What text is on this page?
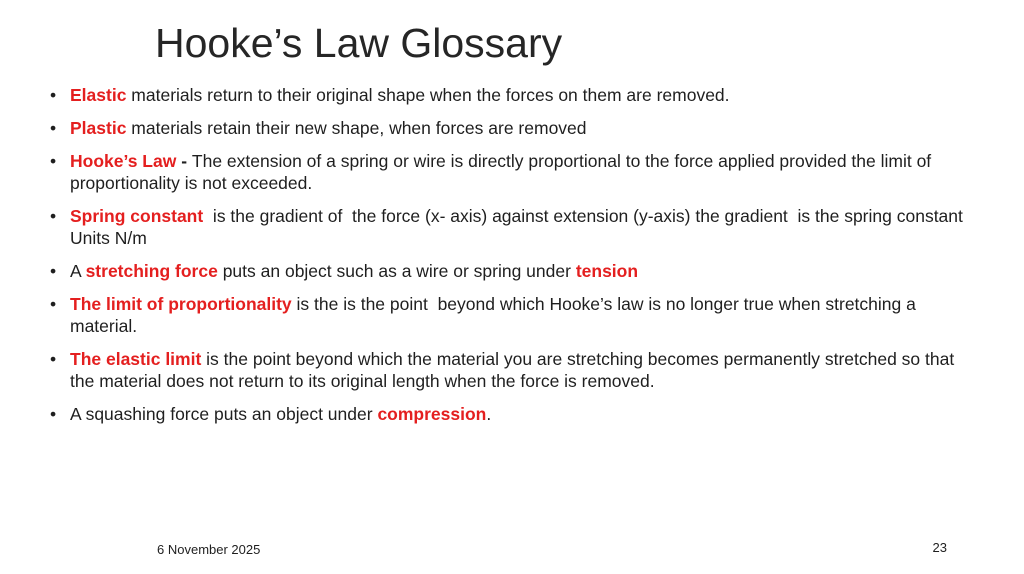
Hooke’s Law Glossary
• Elastic materials return to their original shape when the forces on them are removed.
• Plastic materials retain their new shape, when forces are removed
• Hooke’s Law - The extension of a spring or wire is directly proportional to the force applied provided the limit of proportionality is not exceeded.
• Spring constant  is the gradient of  the force (x- axis) against extension (y-axis) the gradient  is the spring constant Units N/m
• A stretching force puts an object such as a wire or spring under tension
• The limit of proportionality is the is the point  beyond which Hooke’s law is no longer true when stretching a material.
• The elastic limit is the point beyond which the material you are stretching becomes permanently stretched so that the material does not return to its original length when the force is removed.
• A squashing force puts an object under compression.
6 November 2025	23
